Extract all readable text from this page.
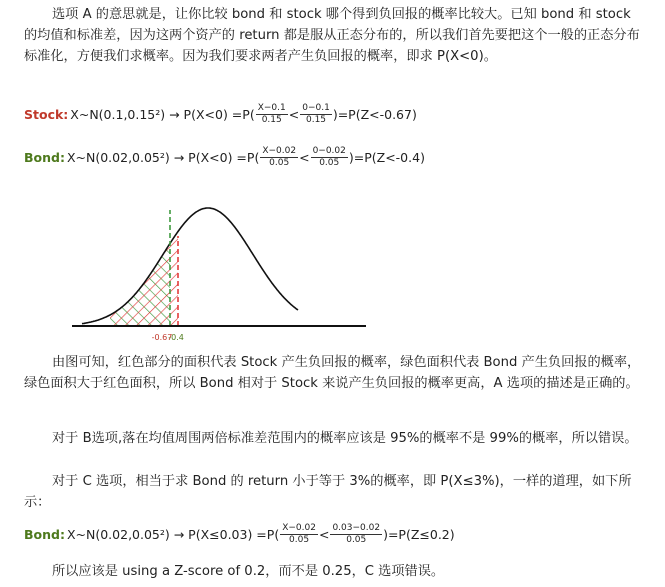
选项 A 的意思就是，让你比较 bond 和 stock 哪个得到负回报的概率比较大。已知 bond 和 stock 的均值和标准差，因为这两个资产的 return 都是服从正态分布的，所以我们首先要把这个一般的正态分布标准化，方便我们求概率。因为我们要求两者产生负回报的概率，即求 P(X<0)。

Stock: X~N(0.1,0.15²) → $P(X<0) =P( \frac{X-0.1}{0.15} < \frac{0-0.1}{0.15} )=P(Z<-0.67)$
Bond: X~N(0.02,0.05²) → $P(X<0) =P( \frac{X-0.02}{0.05} < \frac{0-0.02}{0.05} )=P(Z<-0.4)$
-0.67
-0.4

由图可知，红色部分的面积代表 Stock 产生负回报的概率，绿色面积代表 Bond 产生负回报的概率，绿色面积大于红色面积，所以 Bond 相对于 Stock 来说产生负回报的概率更高，A 选项的描述是正确的。

对于 B选项,落在均值周围两倍标准差范围内的概率应该是 95%的概率不是 99%的概率，所以错误。

对于 C 选项，相当于求 Bond 的 return 小于等于 3%的概率，即 P(X≤3%)，一样的道理，如下所示：

Bond: X~N(0.02,0.05²) → $P(X\le 0.03) =P( \frac{X-0.02}{0.05} < \frac{0.03-0.02}{0.05} )=P(Z\le 0.2)$

所以应该是 using a Z-score of 0.2，而不是 0.25，C 选项错误。
